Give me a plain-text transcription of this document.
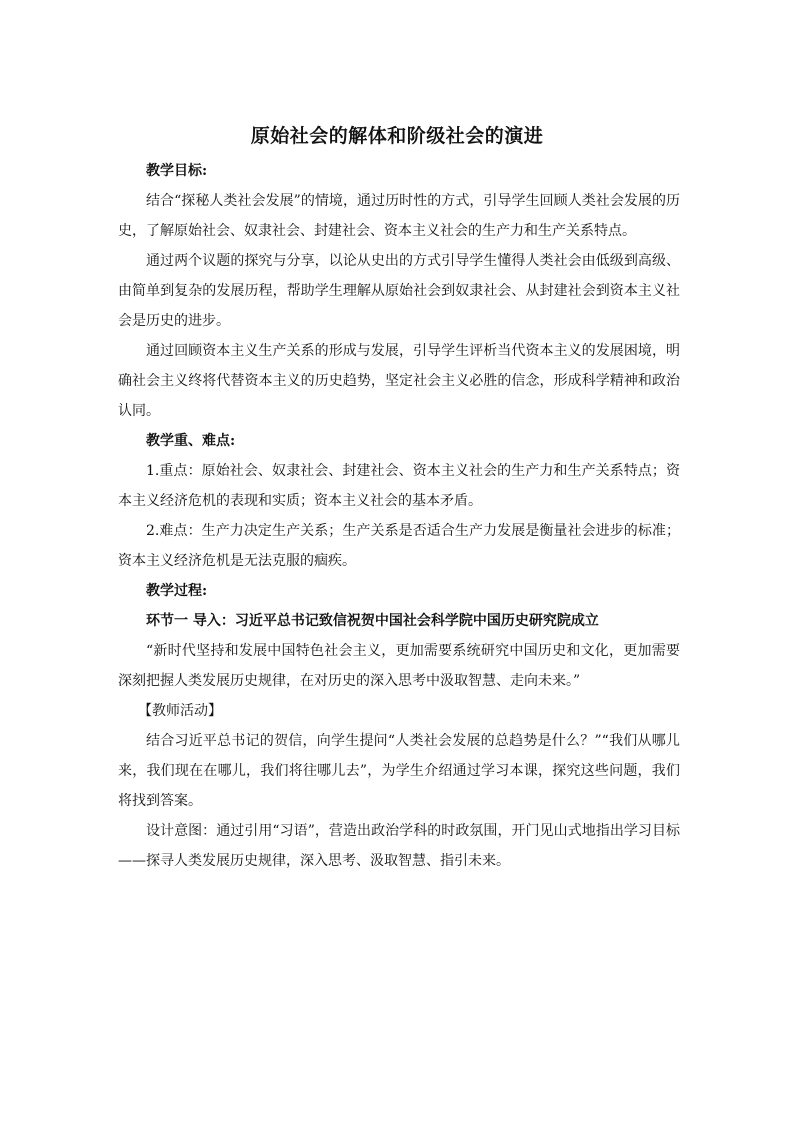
原始社会的解体和阶级社会的演进
教学目标:

结合“探秘人类社会发展”的情境，通过历时性的方式，引导学生回顾人类社会发展的历史，了解原始社会、奴隶社会、封建社会、资本主义社会的生产力和生产关系特点。

通过两个议题的探究与分享，以论从史出的方式引导学生懂得人类社会由低级到高级、由简单到复杂的发展历程，帮助学生理解从原始社会到奴隶社会、从封建社会到资本主义社会是历史的进步。

通过回顾资本主义生产关系的形成与发展，引导学生评析当代资本主义的发展困境，明确社会主义终将代替资本主义的历史趋势，坚定社会主义必胜的信念，形成科学精神和政治认同。

教学重、难点:

1.重点：原始社会、奴隶社会、封建社会、资本主义社会的生产力和生产关系特点；资本主义经济危机的表现和实质；资本主义社会的基本矛盾。

2.难点：生产力决定生产关系；生产关系是否适合生产力发展是衡量社会进步的标准；资本主义经济危机是无法克服的痼疾。

教学过程:
环节一 导入：习近平总书记致信祝贺中国社会科学院中国历史研究院成立

“新时代坚持和发展中国特色社会主义，更加需要系统研究中国历史和文化，更加需要深刻把握人类发展历史规律，在对历史的深入思考中汲取智慧、走向未来。”

【教师活动】

结合习近平总书记的贺信，向学生提问“人类社会发展的总趋势是什么？”“我们从哪儿来，我们现在在哪儿，我们将往哪儿去”，为学生介绍通过学习本课，探究这些问题，我们将找到答案。

设计意图：通过引用“习语”，营造出政治学科的时政氛围，开门见山式地指出学习目标——探寻人类发展历史规律，深入思考、汲取智慧、指引未来。
